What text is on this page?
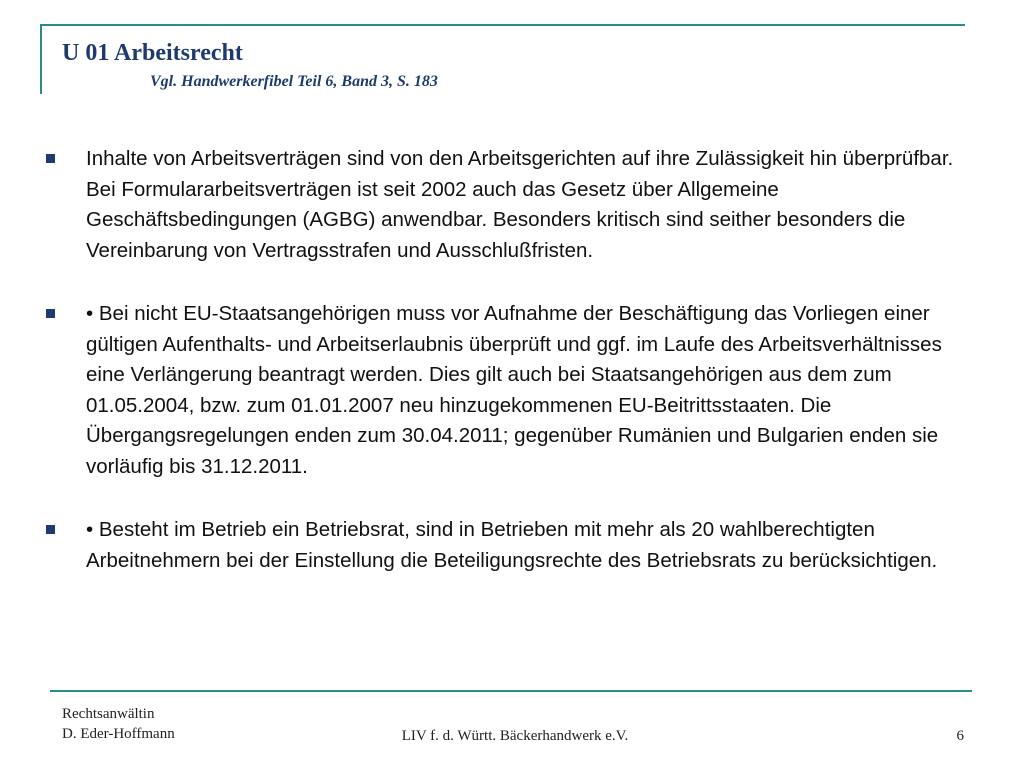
U 01 Arbeitsrecht
Vgl. Handwerkerfibel Teil 6, Band 3, S. 183
Inhalte von Arbeitsverträgen sind von den Arbeitsgerichten auf ihre Zulässigkeit hin überprüfbar. Bei Formulararbeitsverträgen ist seit 2002 auch das Gesetz über Allgemeine Geschäftsbedingungen (AGBG) anwendbar. Besonders kritisch sind seither besonders die Vereinbarung von Vertragsstrafen und Ausschlußfristen.
• Bei nicht EU-Staatsangehörigen muss vor Aufnahme der Beschäftigung das Vorliegen einer gültigen Aufenthalts- und Arbeitserlaubnis überprüft und ggf. im Laufe des Arbeitsverhältnisses eine Verlängerung beantragt werden. Dies gilt auch bei Staatsangehörigen aus dem zum 01.05.2004, bzw. zum 01.01.2007 neu hinzugekommenen EU-Beitrittsstaaten. Die Übergangsregelungen enden zum 30.04.2011; gegenüber Rumänien und Bulgarien enden sie vorläufig bis 31.12.2011.
• Besteht im Betrieb ein Betriebsrat, sind in Betrieben mit mehr als 20 wahlberechtigten Arbeitnehmern bei der Einstellung die Beteiligungsrechte des Betriebsrats zu berücksichtigen.
Rechtsanwältin
D. Eder-Hoffmann	LIV f. d. Württ. Bäckerhandwerk e.V.	6
